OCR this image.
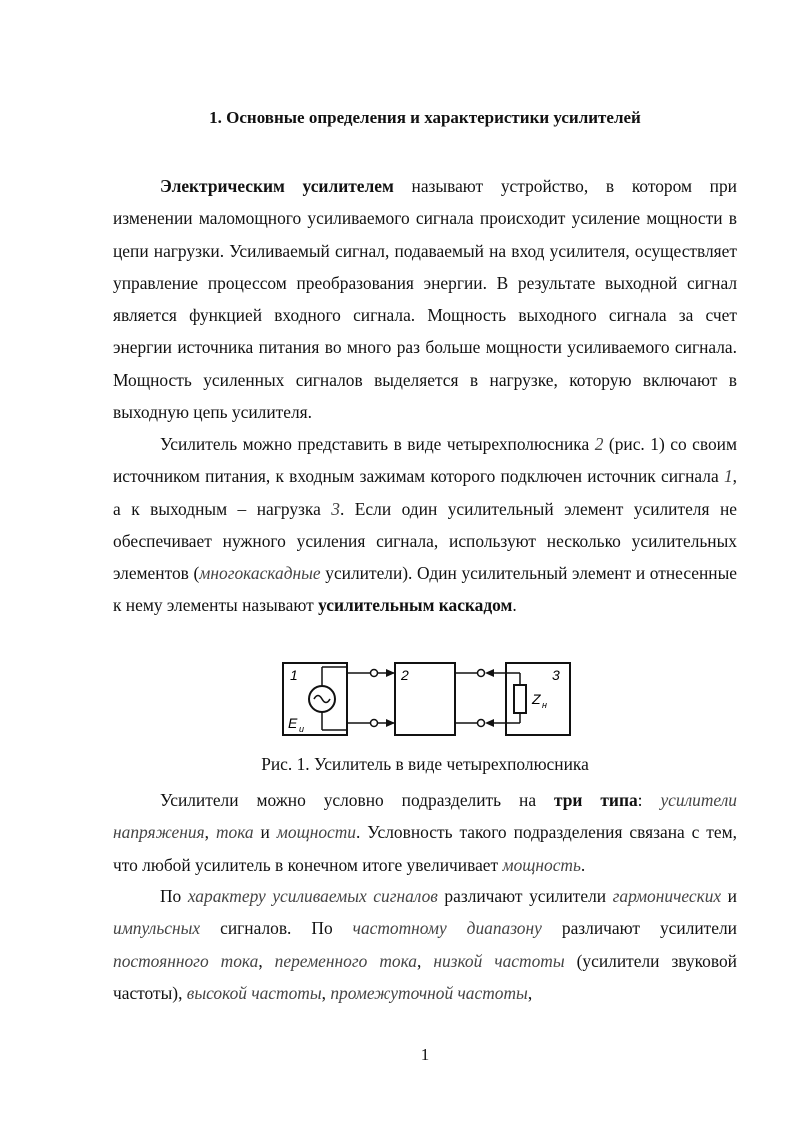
1. Основные определения и характеристики усилителей

Электрическим усилителем называют устройство, в котором при изменении маломощного усиливаемого сигнала происходит усиление мощности в цепи нагрузки. Усиливаемый сигнал, подаваемый на вход усилителя, осуществляет управление процессом преобразования энергии. В результате выходной сигнал является функцией входного сигнала. Мощность выходного сигнала за счет энергии источника питания во много раз больше мощности усиливаемого сигнала. Мощность усиленных сигналов выделяется в нагрузке, которую включают в выходную цепь усилителя.

Усилитель можно представить в виде четырехполюсника 2 (рис. 1) со своим источником питания, к входным зажимам которого подключен источник сигнала 1, а к выходным – нагрузка 3. Если один усилительный элемент усилителя не обеспечивает нужного усиления сигнала, используют несколько усилительных элементов (многокаскадные усилители). Один усилительный элемент и отнесенные к нему элементы называют усилительным каскадом.

1
Е и
2	3
Z н
Рис. 1. Усилитель в виде четырехполюсника

Усилители можно условно подразделить на три типа: усилители напряжения, тока и мощности. Условность такого подразделения связана с тем, что любой усилитель в конечном итоге увеличивает мощность.

По характеру усиливаемых сигналов различают усилители гармонических и импульсных сигналов. По частотному диапазону различают усилители постоянного тока, переменного тока, низкой частоты (усилители звуковой частоты), высокой частоты, промежуточной частоты,

1
